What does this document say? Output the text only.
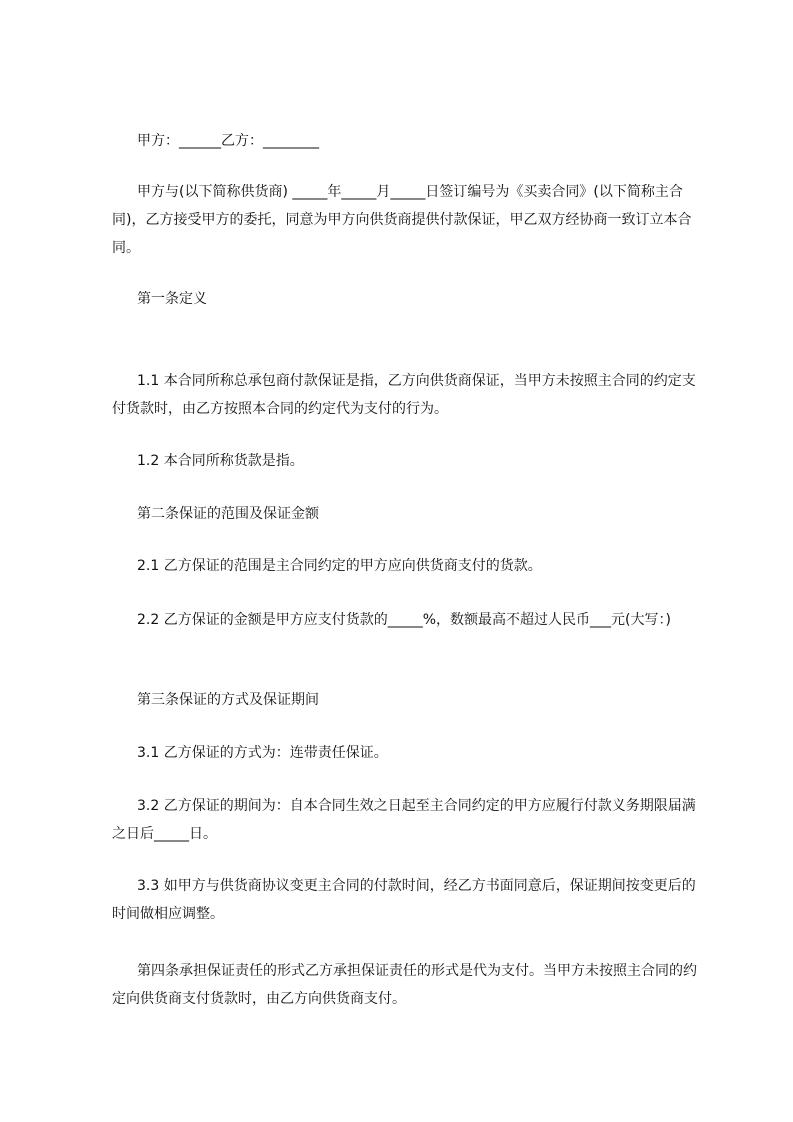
甲方：______乙方：________

甲方与(以下简称供货商) _____年_____月_____日签订编号为《买卖合同》(以下简称主合同)，乙方接受甲方的委托，同意为甲方向供货商提供付款保证，甲乙双方经协商一致订立本合同。

第一条定义

1.1 本合同所称总承包商付款保证是指，乙方向供货商保证，当甲方未按照主合同的约定支付货款时，由乙方按照本合同的约定代为支付的行为。

1.2 本合同所称货款是指。

第二条保证的范围及保证金额

2.1 乙方保证的范围是主合同约定的甲方应向供货商支付的货款。

2.2 乙方保证的金额是甲方应支付货款的_____%，数额最高不超过人民币___元(大写：)

第三条保证的方式及保证期间

3.1 乙方保证的方式为：连带责任保证。

3.2 乙方保证的期间为：自本合同生效之日起至主合同约定的甲方应履行付款义务期限届满之日后_____日。

3.3 如甲方与供货商协议变更主合同的付款时间，经乙方书面同意后，保证期间按变更后的时间做相应调整。

第四条承担保证责任的形式乙方承担保证责任的形式是代为支付。当甲方未按照主合同的约定向供货商支付货款时，由乙方向供货商支付。
